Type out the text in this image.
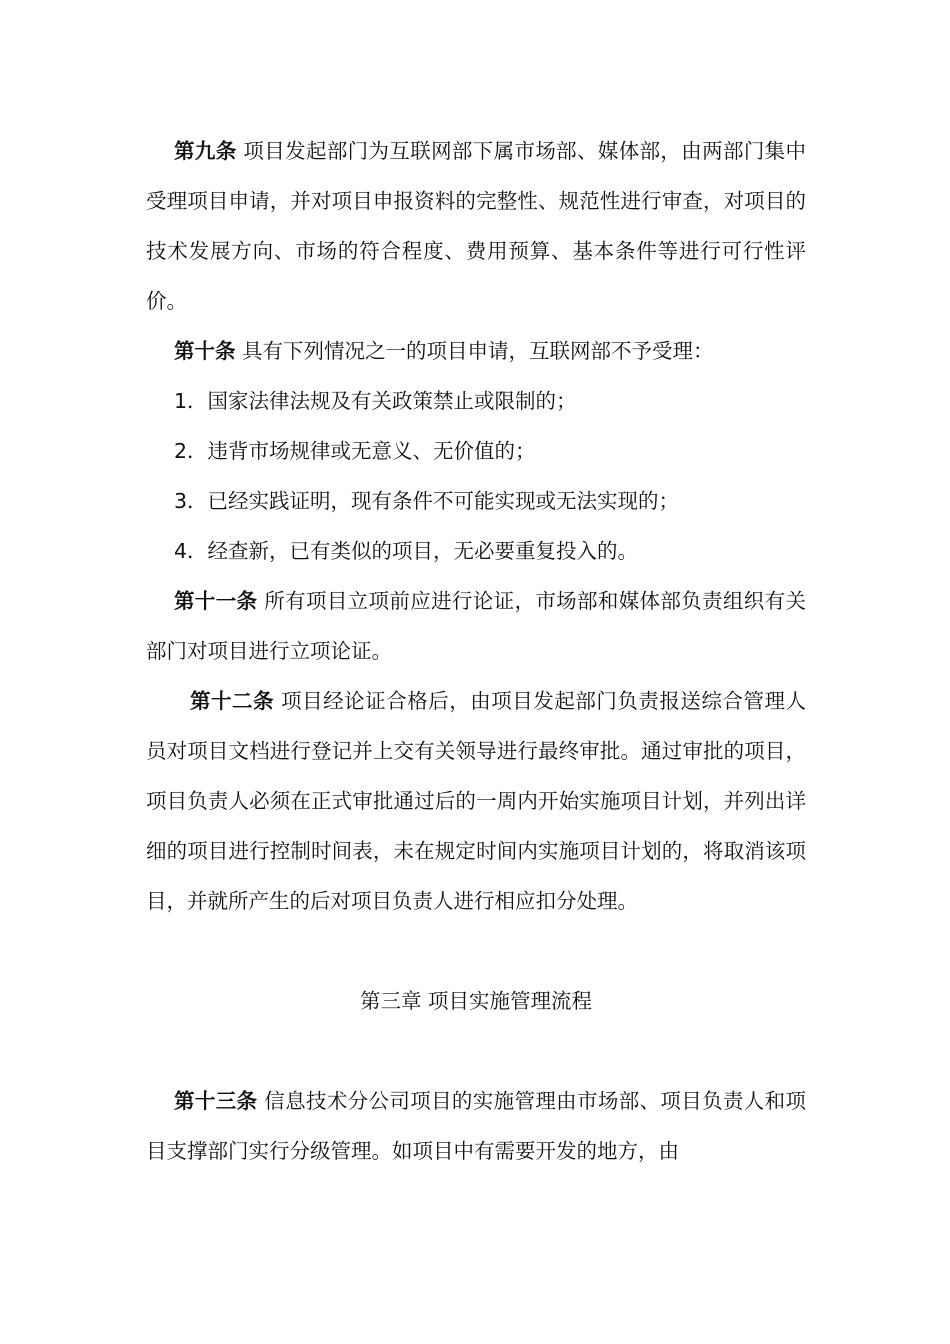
第九条 项目发起部门为互联网部下属市场部、媒体部，由两部门集中受理项目申请，并对项目申报资料的完整性、规范性进行审查，对项目的技术发展方向、市场的符合程度、费用预算、基本条件等进行可行性评价。

第十条 具有下列情况之一的项目申请，互联网部不予受理：

1．国家法律法规及有关政策禁止或限制的；

2．违背市场规律或无意义、无价值的；

3．已经实践证明，现有条件不可能实现或无法实现的；

4．经查新，已有类似的项目，无必要重复投入的。

第十一条 所有项目立项前应进行论证，市场部和媒体部负责组织有关部门对项目进行立项论证。

第十二条 项目经论证合格后，由项目发起部门负责报送综合管理人员对项目文档进行登记并上交有关领导进行最终审批。通过审批的项目，项目负责人必须在正式审批通过后的一周内开始实施项目计划，并列出详细的项目进行控制时间表，未在规定时间内实施项目计划的，将取消该项目，并就所产生的后对项目负责人进行相应扣分处理。

第三章 项目实施管理流程

第十三条 信息技术分公司项目的实施管理由市场部、项目负责人和项目支撑部门实行分级管理。如项目中有需要开发的地方，由
